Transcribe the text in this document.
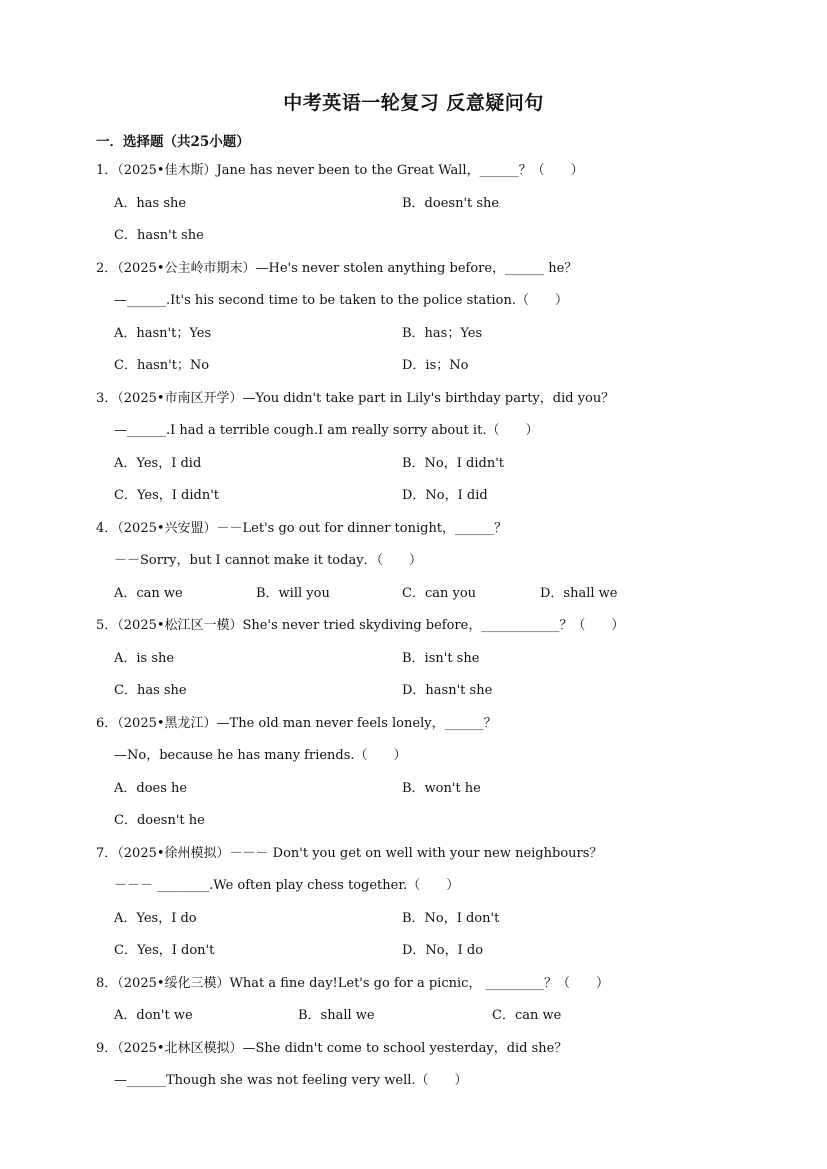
中考英语一轮复习 反意疑问句
一．选择题（共25小题）
1．（2025•佳木斯）Jane has never been to the Great Wall，______？（　　）
A．has she	B．doesn't she
C．hasn't she
2．（2025•公主岭市期末）—He's never stolen anything before，______ he？
—______.It's his second time to be taken to the police station.（　　）
A．hasn't；Yes	B．has；Yes
C．hasn't；No	D．is；No
3．（2025•市南区开学）—You didn't take part in Lily's birthday party，did you？
—______.I had a terrible cough.I am really sorry about it.（　　）
A．Yes，I did	B．No，I didn't
C．Yes，I didn't	D．No，I did
4．（2025•兴安盟）－－Let's go out for dinner tonight，______？
－－Sorry，but I cannot make it today．（　　）
A．can we	B．will you	C．can you	D．shall we
5．（2025•松江区一模）She's never tried skydiving before，____________？（　　）
A．is she	B．isn't she
C．has she	D．hasn't she
6．（2025•黑龙江）—The old man never feels lonely，______？
—No，because he has many friends.（　　）
A．does he	B．won't he
C．doesn't he
7．（2025•徐州模拟）－－－ Don't you get on well with your new neighbours？
－－－ ________.We often play chess together.（　　）
A．Yes，I do	B．No，I don't
C．Yes，I don't	D．No，I do
8．（2025•绥化三模）What a fine day!Let's go for a picnic， _________？（　　）
A．don't we	B．shall we	C．can we
9．（2025•北林区模拟）—She didn't come to school yesterday，did she？
—______Though she was not feeling very well.（　　）
